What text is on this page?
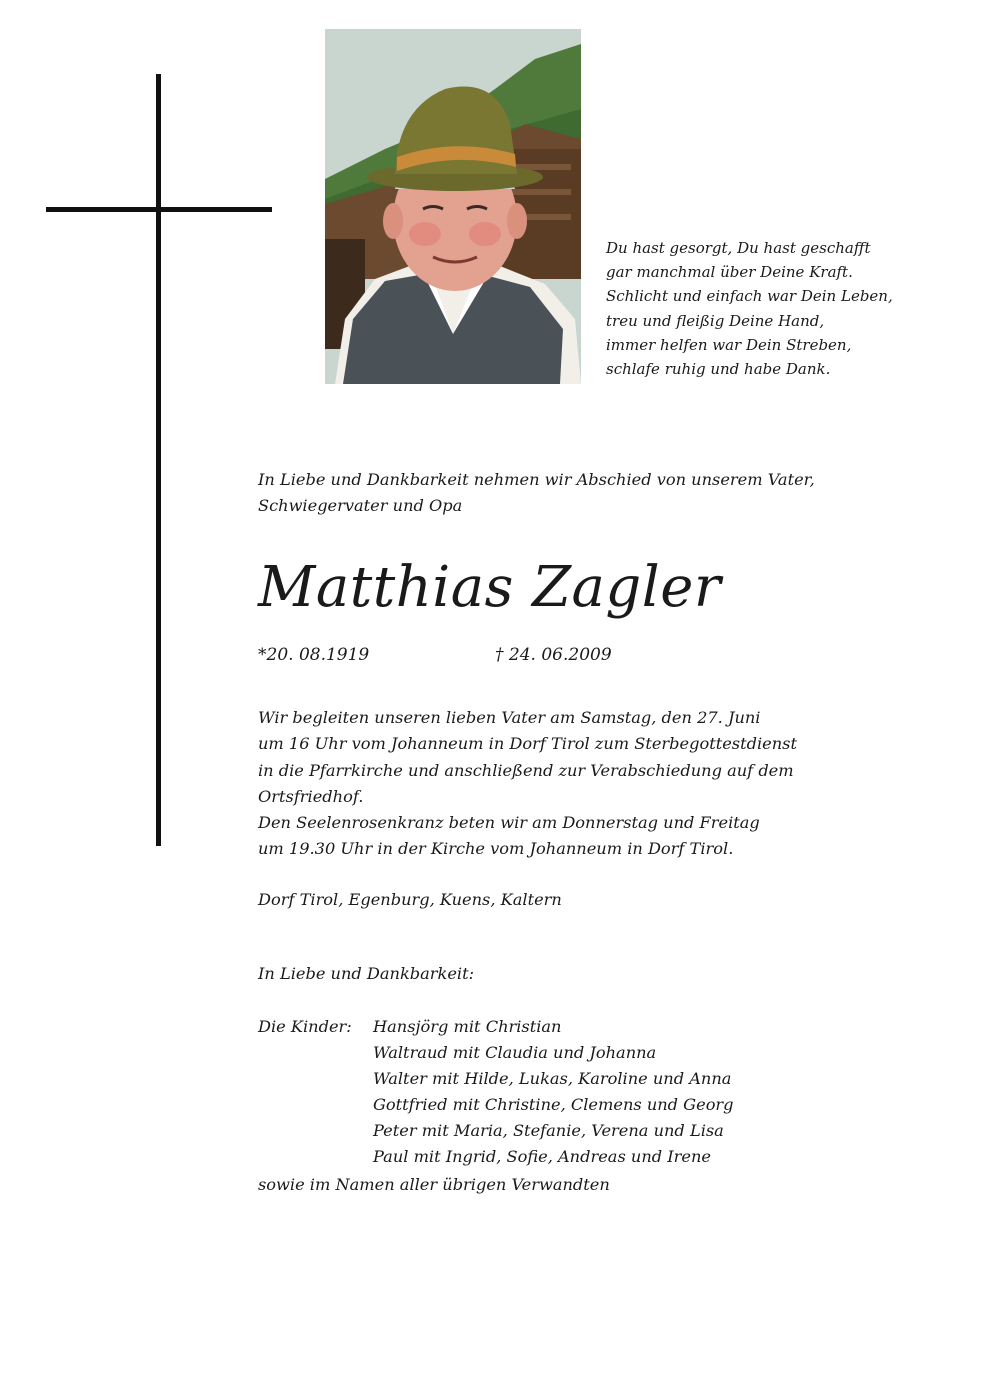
Du hast gesorgt, Du hast geschafft
gar manchmal über Deine Kraft.
Schlicht und einfach war Dein Leben,
treu und fleißig Deine Hand,
immer helfen war Dein Streben,
schlafe ruhig und habe Dank.
In Liebe und Dankbarkeit nehmen wir Abschied von unserem Vater,
Schwiegervater und Opa
Matthias Zagler
*20. 08.1919	† 24. 06.2009
Wir begleiten unseren lieben Vater am Samstag, den 27. Juni
um 16 Uhr vom Johanneum in Dorf Tirol zum Sterbegottestdienst
in die Pfarrkirche und anschließend zur Verabschiedung auf dem
Ortsfriedhof.
Den Seelenrosenkranz beten wir am Donnerstag und Freitag
um 19.30 Uhr in der Kirche vom Johanneum in Dorf Tirol.
Dorf Tirol, Egenburg, Kuens, Kaltern
In Liebe und Dankbarkeit:
Die Kinder: Hansjörg mit Christian
Waltraud mit Claudia und Johanna
Walter mit Hilde, Lukas, Karoline und Anna
Gottfried mit Christine, Clemens und Georg
Peter mit Maria, Stefanie, Verena und Lisa
Paul mit Ingrid, Sofie, Andreas und Irene
sowie im Namen aller übrigen Verwandten
